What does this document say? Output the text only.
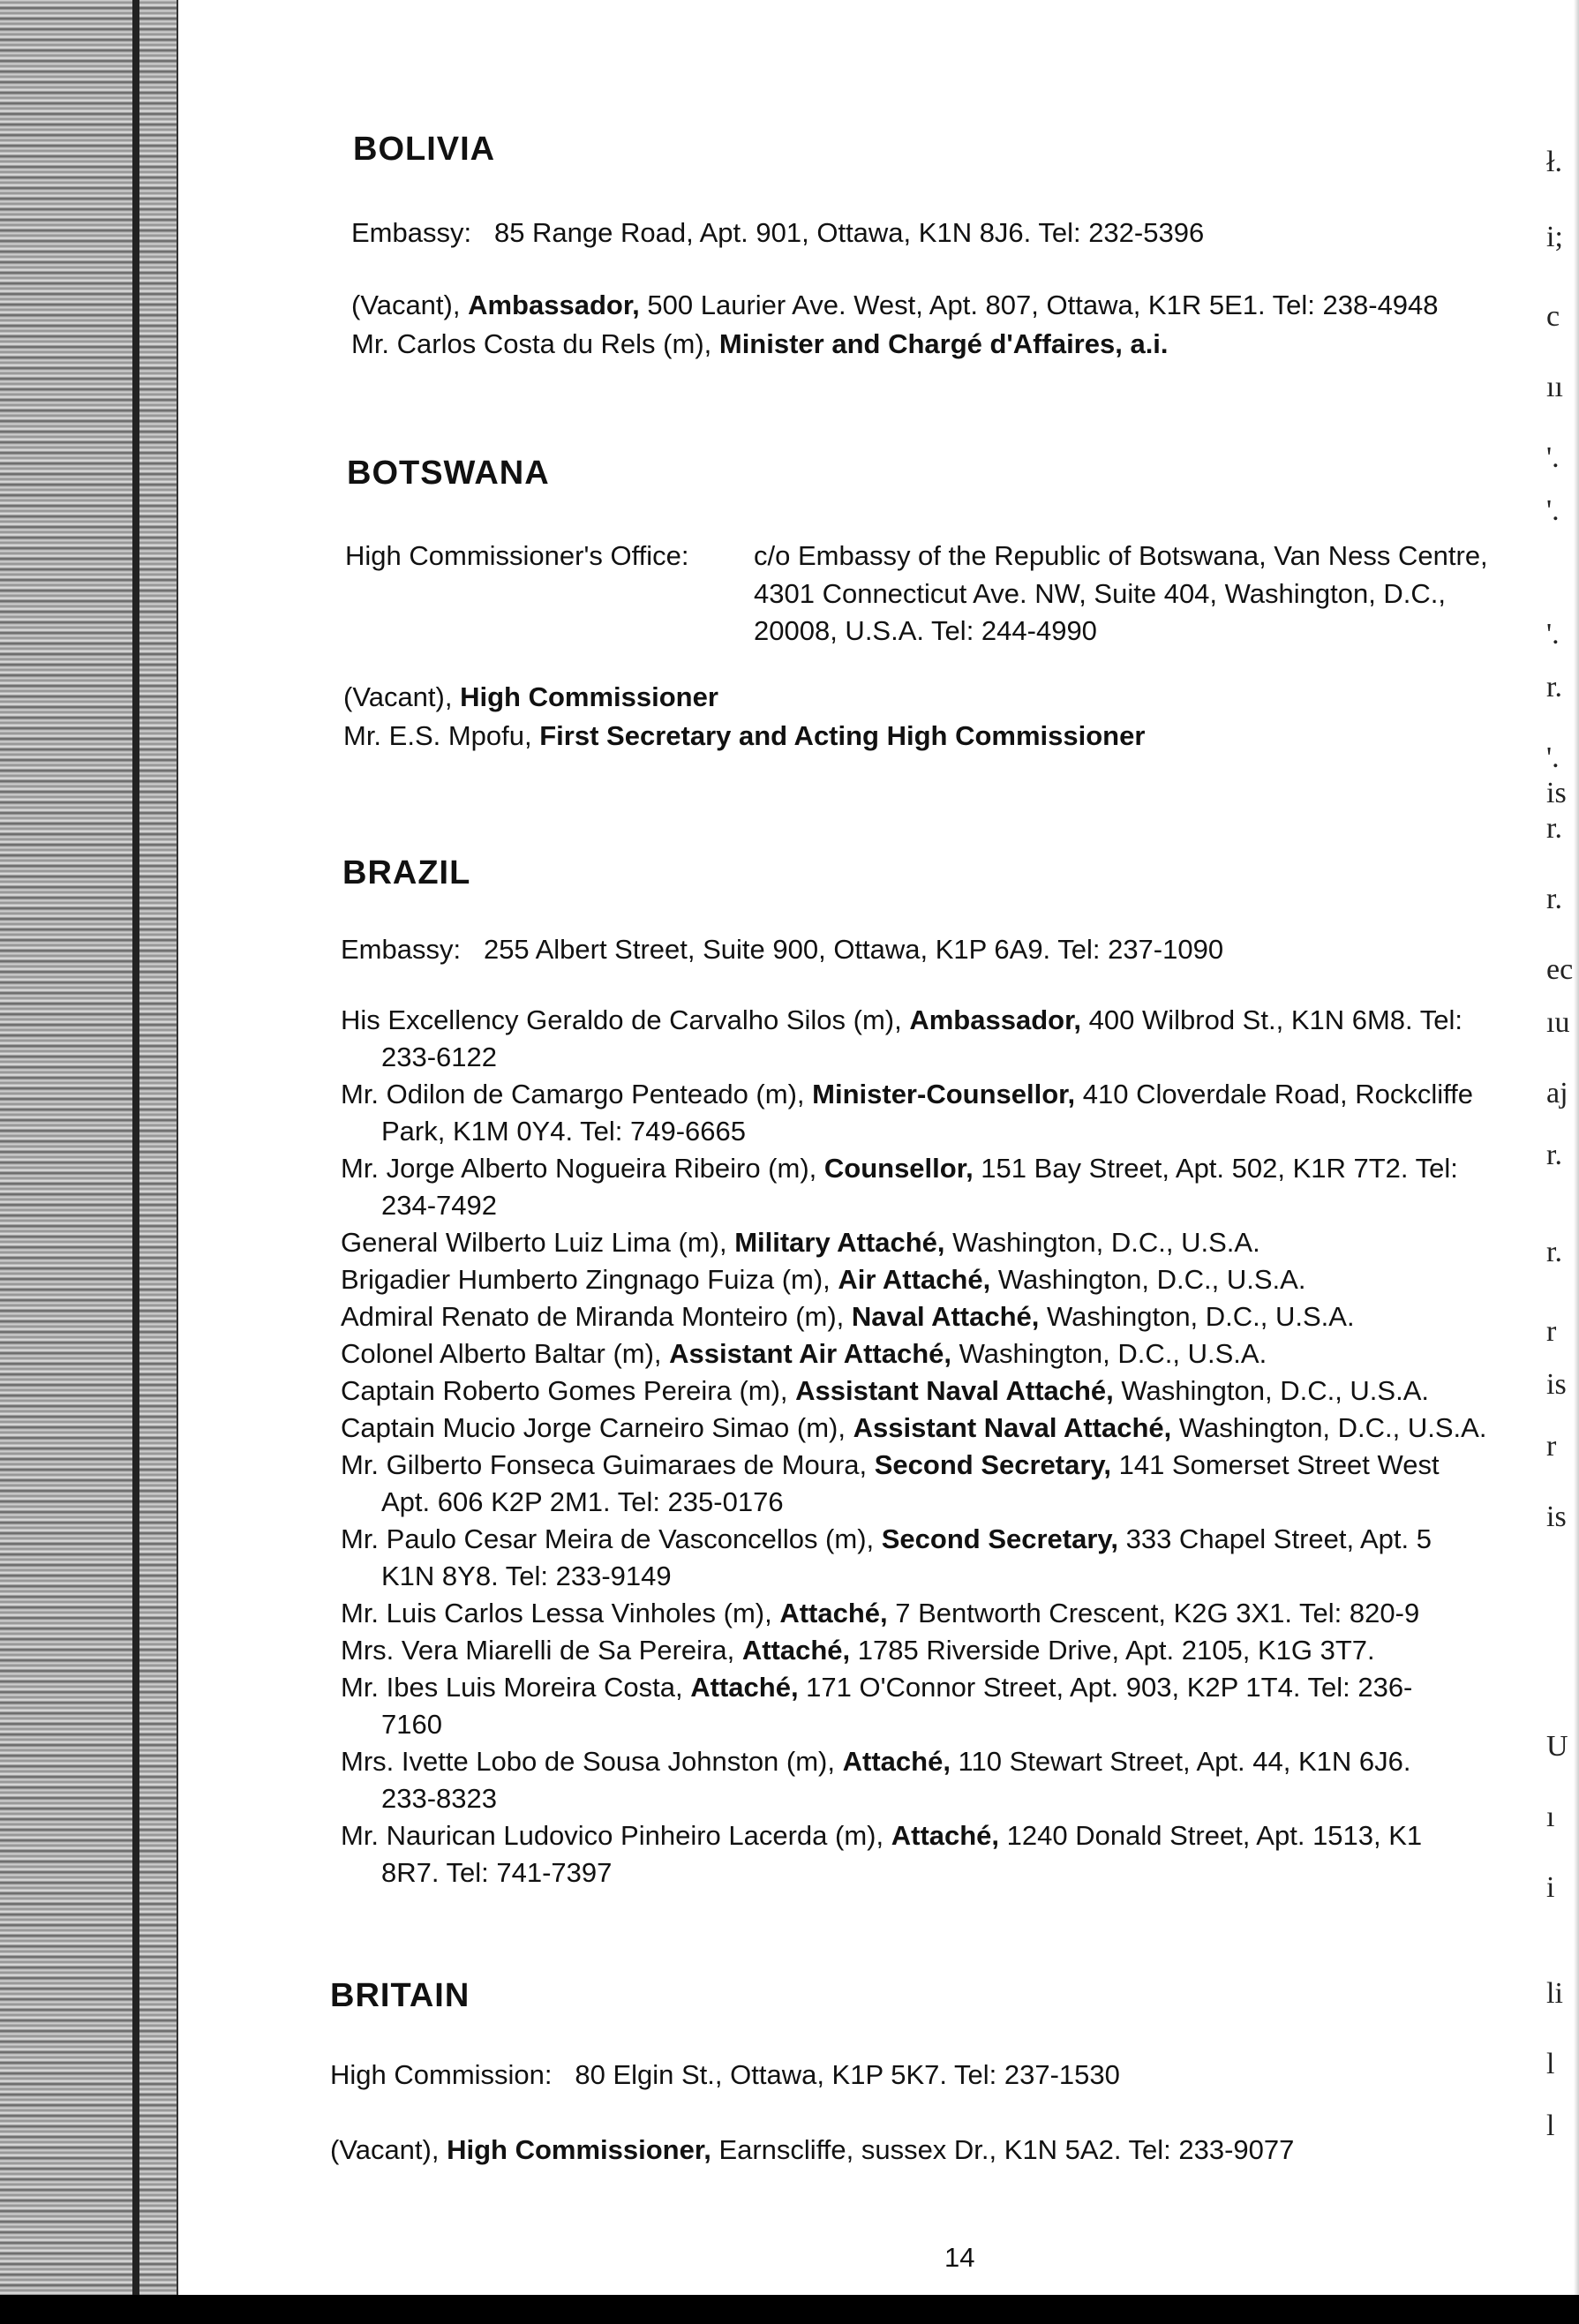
ł.
i;
c
ıı
'.
'.
'.
r.
'.
is
r.
r.
ec
ıu
aj
r.
r.
r
is
r
is
U
ı
i
li
l
l
BOLIVIA

Embassy: 85 Range Road, Apt. 901, Ottawa, K1N 8J6. Tel: 232-5396

(Vacant), Ambassador, 500 Laurier Ave. West, Apt. 807, Ottawa, K1R 5E1. Tel: 238-4948

Mr. Carlos Costa du Rels (m), Minister and Chargé d'Affaires, a.i.

BOTSWANA
High Commissioner's Office: c/o Embassy of the Republic of Botswana, Van Ness Centre,
4301 Connecticut Ave. NW, Suite 404, Washington, D.C.,
20008, U.S.A. Tel: 244-4990

(Vacant), High Commissioner

Mr. E.S. Mpofu, First Secretary and Acting High Commissioner

BRAZIL

Embassy: 255 Albert Street, Suite 900, Ottawa, K1P 6A9. Tel: 237-1090

His Excellency Geraldo de Carvalho Silos (m), Ambassador, 400 Wilbrod St., K1N 6M8. Tel:

233-6122

Mr. Odilon de Camargo Penteado (m), Minister-Counsellor, 410 Cloverdale Road, Rockcliffe

Park, K1M 0Y4. Tel: 749-6665

Mr. Jorge Alberto Nogueira Ribeiro (m), Counsellor, 151 Bay Street, Apt. 502, K1R 7T2. Tel:

234-7492

General Wilberto Luiz Lima (m), Military Attaché, Washington, D.C., U.S.A.

Brigadier Humberto Zingnago Fuiza (m), Air Attaché, Washington, D.C., U.S.A.

Admiral Renato de Miranda Monteiro (m), Naval Attaché, Washington, D.C., U.S.A.

Colonel Alberto Baltar (m), Assistant Air Attaché, Washington, D.C., U.S.A.

Captain Roberto Gomes Pereira (m), Assistant Naval Attaché, Washington, D.C., U.S.A.

Captain Mucio Jorge Carneiro Simao (m), Assistant Naval Attaché, Washington, D.C., U.S.A.

Mr. Gilberto Fonseca Guimaraes de Moura, Second Secretary, 141 Somerset Street West

Apt. 606 K2P 2M1. Tel: 235-0176

Mr. Paulo Cesar Meira de Vasconcellos (m), Second Secretary, 333 Chapel Street, Apt. 5

K1N 8Y8. Tel: 233-9149

Mr. Luis Carlos Lessa Vinholes (m), Attaché, 7 Bentworth Crescent, K2G 3X1. Tel: 820-9

Mrs. Vera Miarelli de Sa Pereira, Attaché, 1785 Riverside Drive, Apt. 2105, K1G 3T7.

Mr. Ibes Luis Moreira Costa, Attaché, 171 O'Connor Street, Apt. 903, K2P 1T4. Tel: 236-

7160

Mrs. Ivette Lobo de Sousa Johnston (m), Attaché, 110 Stewart Street, Apt. 44, K1N 6J6.

233-8323

Mr. Naurican Ludovico Pinheiro Lacerda (m), Attaché, 1240 Donald Street, Apt. 1513, K1

8R7. Tel: 741-7397

BRITAIN

High Commission: 80 Elgin St., Ottawa, K1P 5K7. Tel: 237-1530

(Vacant), High Commissioner, Earnscliffe, sussex Dr., K1N 5A2. Tel: 233-9077

14
